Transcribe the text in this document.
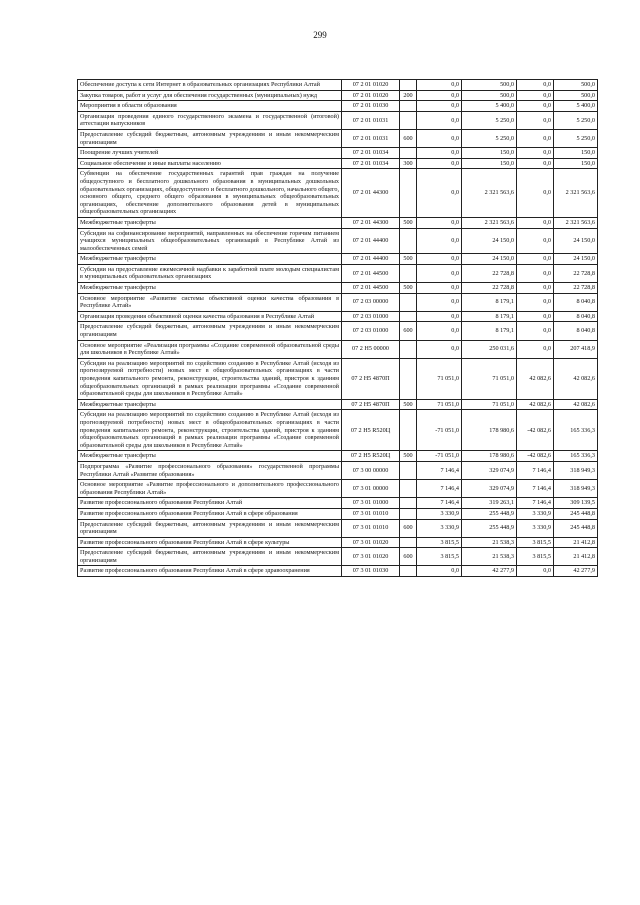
299
Обеспечение доступа к сети Интернет в образовательных организациях Республики Алтай	07 2 01 01020		0,0	500,0	0,0	500,0
Закупка товаров, работ и услуг для обеспечения государственных (муниципальных) нужд	07 2 01 01020	200	0,0	500,0	0,0	500,0
Мероприятия в области образования	07 2 01 01030		0,0	5 400,0	0,0	5 400,0
Организация проведения единого государственного экзамена и государственной (итоговой) аттестации выпускников	07 2 01 01031		0,0	5 250,0	0,0	5 250,0
Предоставление субсидий бюджетным, автономным учреждениям и иным некоммерческим организациям	07 2 01 01031	600	0,0	5 250,0	0,0	5 250,0
Поощрение лучших учителей	07 2 01 01034		0,0	150,0	0,0	150,0
Социальное обеспечение и иные выплаты населению	07 2 01 01034	300	0,0	150,0	0,0	150,0
Субвенции на обеспечение государственных гарантий прав граждан на получение общедоступного и бесплатного дошкольного образования в муниципальных дошкольных образовательных организациях, общедоступного и бесплатного дошкольного, начального общего, основного общего, среднего общего образования в муниципальных общеобразовательных организациях, обеспечение дополнительного образования детей в муниципальных общеобразовательных организациях	07 2 01 44300		0,0	2 321 563,6	0,0	2 321 563,6
Межбюджетные трансферты	07 2 01 44300	500	0,0	2 321 563,6	0,0	2 321 563,6
Субсидии на софинансирование мероприятий, направленных на обеспечение горячим питанием учащихся муниципальных общеобразовательных организаций в Республике Алтай из малообеспеченных семей	07 2 01 44400		0,0	24 150,0	0,0	24 150,0
Межбюджетные трансферты	07 2 01 44400	500	0,0	24 150,0	0,0	24 150,0
Субсидии на предоставление ежемесячной надбавки к заработной плате молодым специалистам в муниципальных образовательных организациях	07 2 01 44500		0,0	22 728,8	0,0	22 728,8
Межбюджетные трансферты	07 2 01 44500	500	0,0	22 728,8	0,0	22 728,8
Основное мероприятие «Развитие системы объективной оценки качества образования в Республике Алтай»	07 2 03 00000		0,0	8 179,1	0,0	8 040,8
Организация проведения объективной оценки качества образования в Республике Алтай	07 2 03 01000		0,0	8 179,1	0,0	8 040,8
Предоставление субсидий бюджетным, автономным учреждениям и иным некоммерческим организациям	07 2 03 01000	600	0,0	8 179,1	0,0	8 040,8
Основное мероприятие «Реализация программы «Создание современной образовательной среды для школьников в Республике Алтай»	07 2 Н5 00000		0,0	250 031,6	0,0	207 418,9
Субсидии на реализацию мероприятий по содействию созданию в Республике Алтай (исходя из прогнозируемой потребности) новых мест в общеобразовательных организациях в части проведения капитального ремонта, реконструкции, строительства зданий, пристроя к зданиям общеобразовательных организаций в рамках реализации программы «Создание современной образовательной среды для школьников в Республике Алтай»	07 2 Н5 4870П		71 051,0	71 051,0	42 082,6	42 082,6
Межбюджетные трансферты	07 2 Н5 4870П	500	71 051,0	71 051,0	42 082,6	42 082,6
Субсидии на реализацию мероприятий по содействию созданию в Республике Алтай (исходя из прогнозируемой потребности) новых мест в общеобразовательных организациях в части проведения капитального ремонта, реконструкции, строительства зданий, пристроя к зданиям общеобразовательных организаций в рамках реализации программы «Создание современной образовательной среды для школьников в Республике Алтай»	07 2 Н5 R520Ц		-71 051,0	178 980,6	-42 082,6	165 336,3
Межбюджетные трансферты	07 2 Н5 R520Ц	500	-71 051,0	178 980,6	-42 082,6	165 336,3
Подпрограмма «Развитие профессионального образования» государственной программы Республики Алтай «Развитие образования»	07 3 00 00000		7 146,4	329 074,9	7 146,4	318 949,3
Основное мероприятие «Развитие профессионального и дополнительного профессионального образования Республики Алтай»	07 3 01 00000		7 146,4	329 074,9	7 146,4	318 949,3
Развитие профессионального образования Республики Алтай	07 3 01 01000		7 146,4	319 263,1	7 146,4	309 139,5
Развитие профессионального образования Республики Алтай в сфере образования	07 3 01 01010		3 330,9	255 448,9	3 330,9	245 448,8
Предоставление субсидий бюджетным, автономным учреждениям и иным некоммерческим организациям	07 3 01 01010	600	3 330,9	255 448,9	3 330,9	245 448,8
Развитие профессионального образования Республики Алтай в сфере культуры	07 3 01 01020		3 815,5	21 538,3	3 815,5	21 412,8
Предоставление субсидий бюджетным, автономным учреждениям и иным некоммерческим организациям	07 3 01 01020	600	3 815,5	21 538,3	3 815,5	21 412,8
Развитие профессионального образования Республики Алтай в сфере здравоохранения	07 3 01 01030		0,0	42 277,9	0,0	42 277,9
